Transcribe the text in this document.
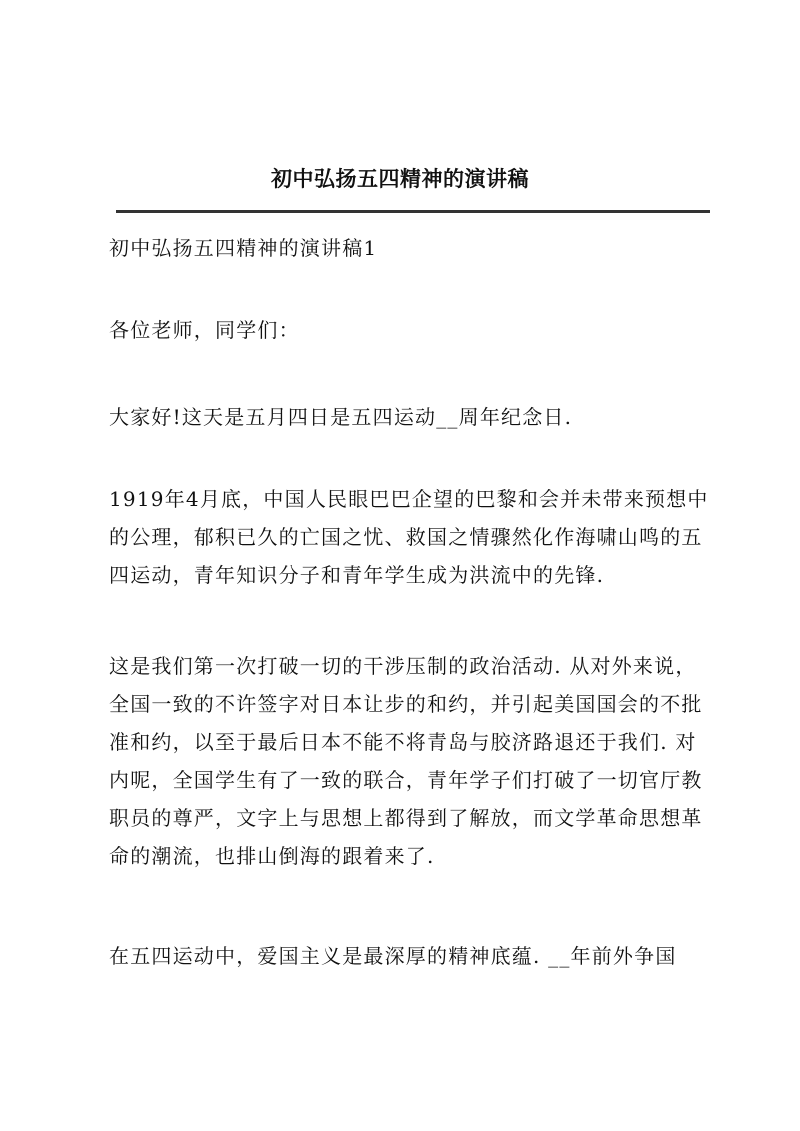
初中弘扬五四精神的演讲稿

初中弘扬五四精神的演讲稿1

各位老师，同学们：

大家好!这天是五月四日是五四运动__周年纪念日.

1919年4月底，中国人民眼巴巴企望的巴黎和会并未带来预想中的公理，郁积已久的亡国之忧、救国之情骤然化作海啸山鸣的五四运动，青年知识分子和青年学生成为洪流中的先锋.

这是我们第一次打破一切的干涉压制的政治活动. 从对外来说，全国一致的不许签字对日本让步的和约，并引起美国国会的不批准和约，以至于最后日本不能不将青岛与胶济路退还于我们. 对内呢，全国学生有了一致的联合，青年学子们打破了一切官厅教职员的尊严，文字上与思想上都得到了解放，而文学革命思想革命的潮流，也排山倒海的跟着来了.

在五四运动中，爱国主义是最深厚的精神底蕴. __年前外争国
